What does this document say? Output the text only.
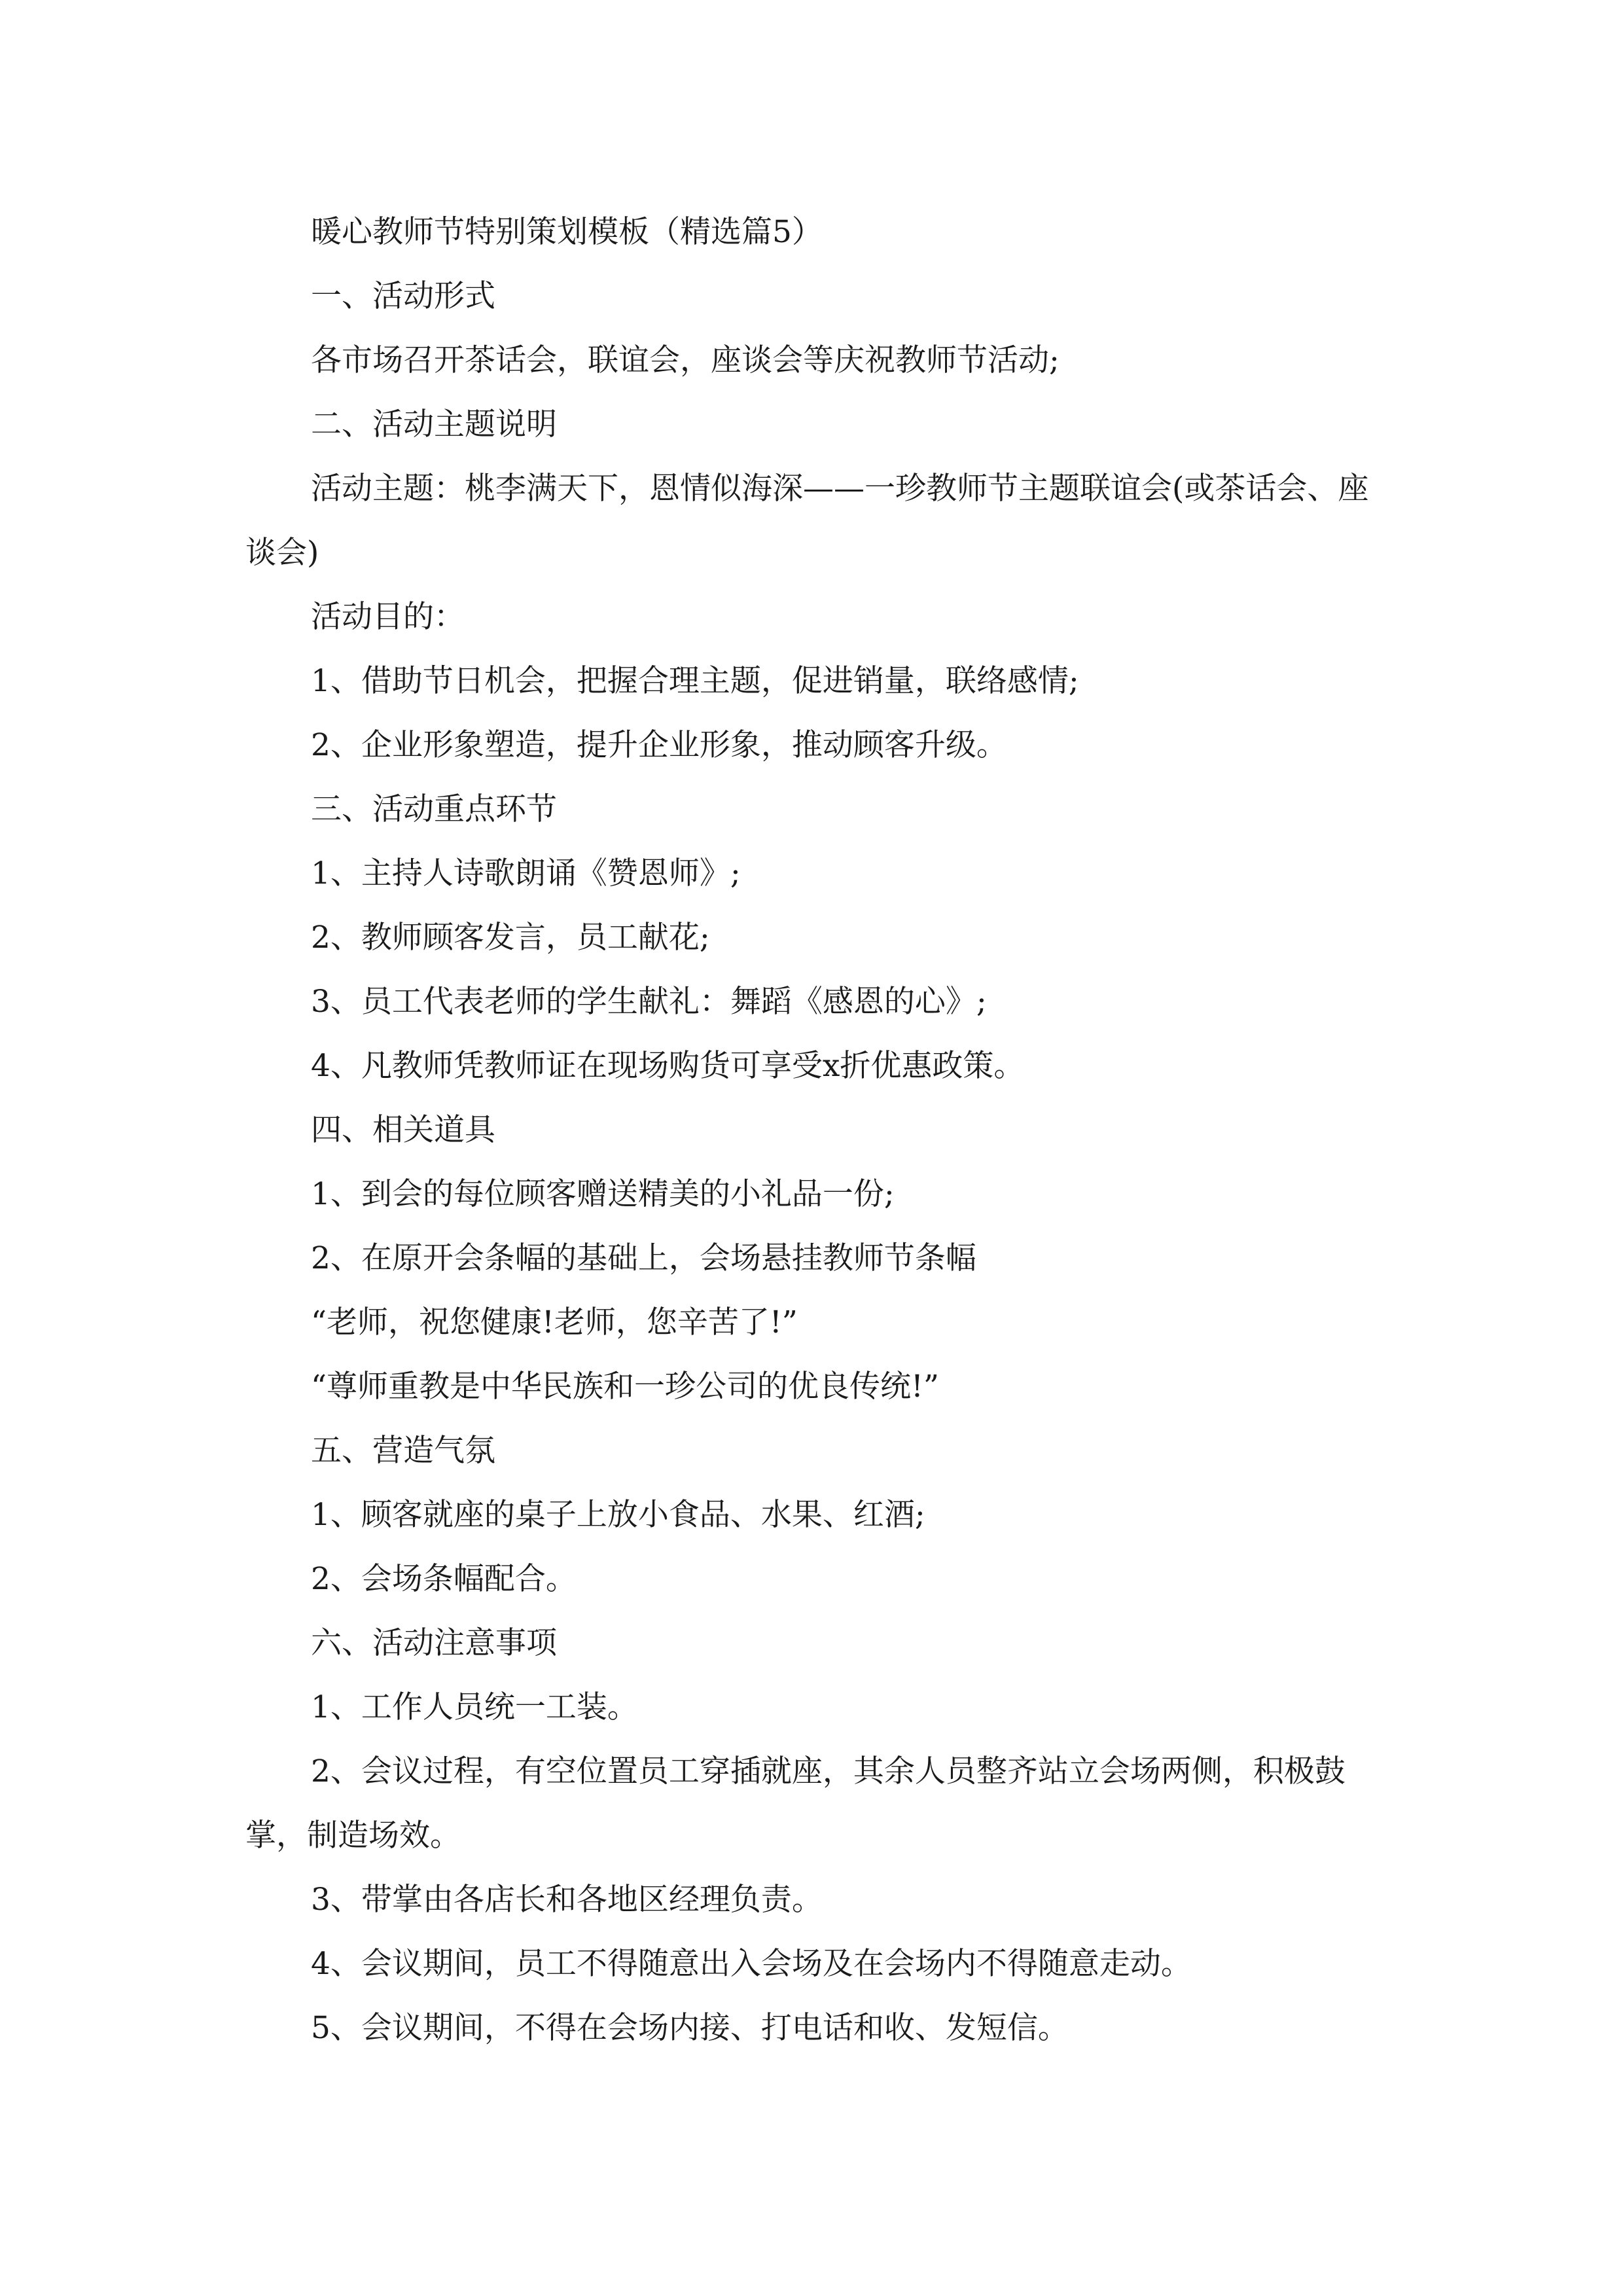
暖心教师节特别策划模板（精选篇5）

一、活动形式

各市场召开茶话会，联谊会，座谈会等庆祝教师节活动;

二、活动主题说明

活动主题：桃李满天下，恩情似海深——一珍教师节主题联谊会(或茶话会、座谈会)

活动目的：

1、借助节日机会，把握合理主题，促进销量，联络感情;

2、企业形象塑造，提升企业形象，推动顾客升级。

三、活动重点环节

1、主持人诗歌朗诵《赞恩师》;

2、教师顾客发言，员工献花;

3、员工代表老师的学生献礼：舞蹈《感恩的心》;

4、凡教师凭教师证在现场购货可享受x折优惠政策。

四、相关道具

1、到会的每位顾客赠送精美的小礼品一份;

2、在原开会条幅的基础上，会场悬挂教师节条幅

“老师，祝您健康!老师，您辛苦了!”

“尊师重教是中华民族和一珍公司的优良传统!”

五、营造气氛

1、顾客就座的桌子上放小食品、水果、红酒;

2、会场条幅配合。

六、活动注意事项

1、工作人员统一工装。

2、会议过程，有空位置员工穿插就座，其余人员整齐站立会场两侧，积极鼓掌，制造场效。

3、带掌由各店长和各地区经理负责。

4、会议期间，员工不得随意出入会场及在会场内不得随意走动。

5、会议期间，不得在会场内接、打电话和收、发短信。
